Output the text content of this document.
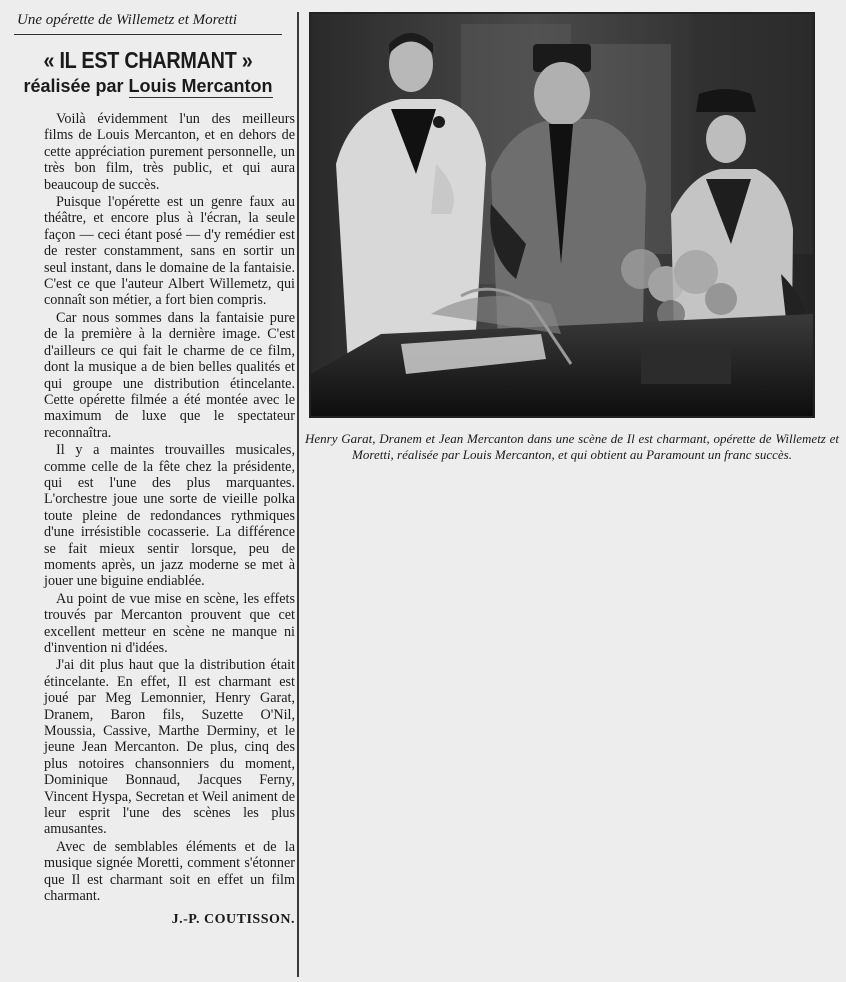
Une opérette de Willemetz et Moretti
« IL EST CHARMANT »
réalisée par Louis Mercanton

Voilà évidemment l'un des meilleurs films de Louis Mercanton, et en dehors de cette appréciation purement personnelle, un très bon film, très public, et qui aura beaucoup de succès.

Puisque l'opérette est un genre faux au théâtre, et encore plus à l'écran, la seule façon — ceci étant posé — d'y remédier est de rester constamment, sans en sortir un seul instant, dans le domaine de la fantaisie. C'est ce que l'auteur Albert Willemetz, qui connaît son métier, a fort bien compris.

Car nous sommes dans la fantaisie pure de la première à la dernière image. C'est d'ailleurs ce qui fait le charme de ce film, dont la musique a de bien belles qualités et qui groupe une distribution étincelante. Cette opérette filmée a été montée avec le maximum de luxe que le spectateur reconnaîtra.

Il y a maintes trouvailles musicales, comme celle de la fête chez la présidente, qui est l'une des plus marquantes. L'orchestre joue une sorte de vieille polka toute pleine de redondances rythmiques d'une irrésistible cocasserie. La différence se fait mieux sentir lorsque, peu de moments après, un jazz moderne se met à jouer une biguine endiablée.

Au point de vue mise en scène, les effets trouvés par Mercanton prouvent que cet excellent metteur en scène ne manque ni d'invention ni d'idées.

J'ai dit plus haut que la distribution était étincelante. En effet, Il est charmant est joué par Meg Lemonnier, Henry Garat, Dranem, Baron fils, Suzette O'Nil, Moussia, Cassive, Marthe Derminy, et le jeune Jean Mercanton. De plus, cinq des plus notoires chansonniers du moment, Dominique Bonnaud, Jacques Ferny, Vincent Hyspa, Secretan et Weil animent de leur esprit l'une des scènes les plus amusantes.

Avec de semblables éléments et de la musique signée Moretti, comment s'étonner que Il est charmant soit en effet un film charmant.

J.-P. COUTISSON.
Henry Garat, Dranem et Jean Mercanton dans une scène de Il est charmant, opérette de Willemetz et Moretti, réalisée par Louis Mercanton, et qui obtient au Paramount un franc succès.
